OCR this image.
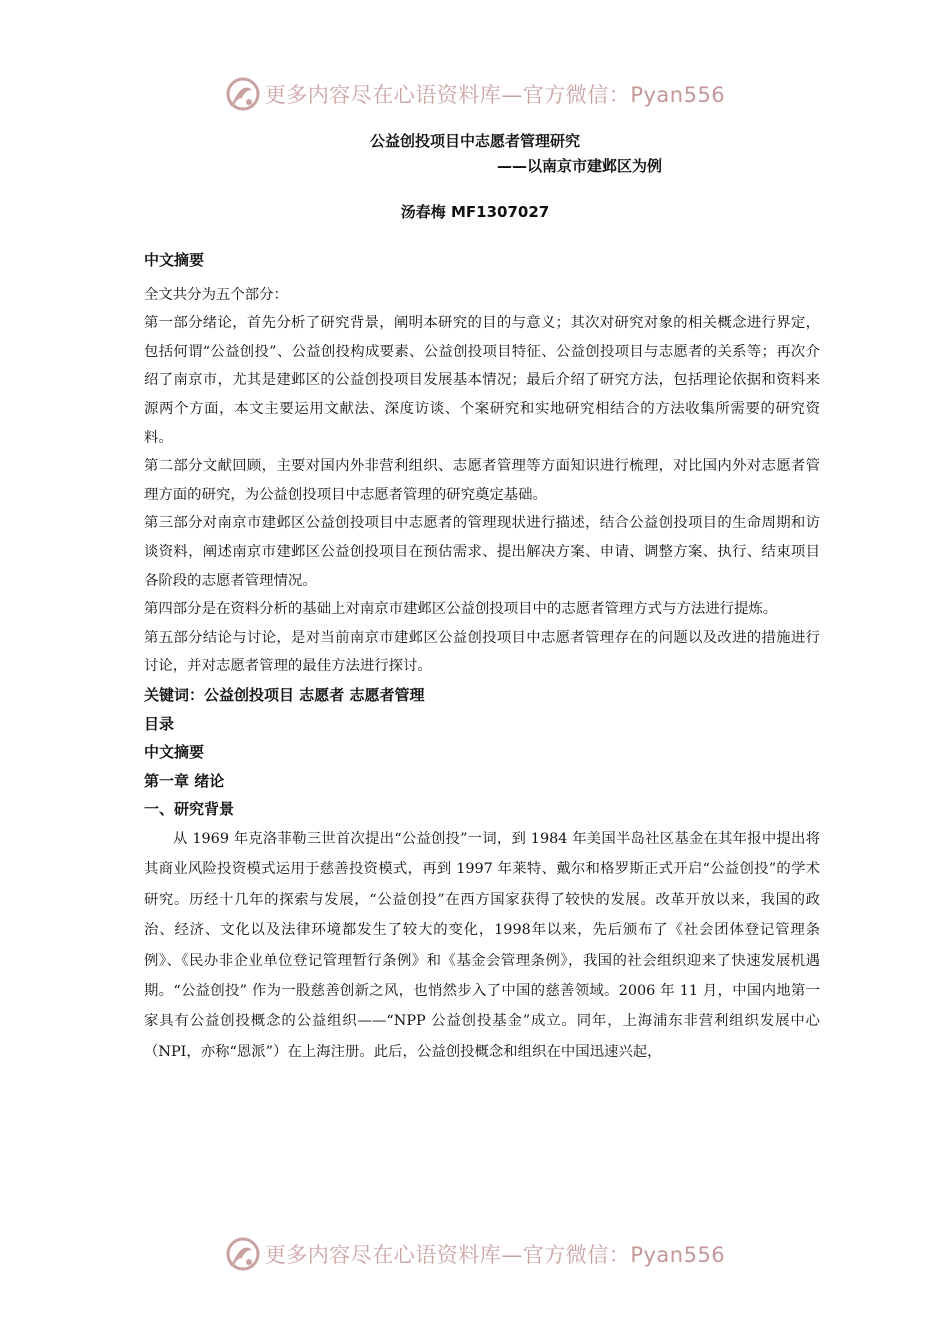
更多内容尽在心语资料库—官方微信：Pyan556
公益创投项目中志愿者管理研究
——以南京市建邺区为例
汤春梅 MF1307027

中文摘要

全文共分为五个部分：

第一部分绪论，首先分析了研究背景，阐明本研究的目的与意义；其次对研究对象的相关概念进行界定，包括何谓“公益创投”、公益创投构成要素、公益创投项目特征、公益创投项目与志愿者的关系等；再次介绍了南京市，尤其是建邺区的公益创投项目发展基本情况；最后介绍了研究方法，包括理论依据和资料来源两个方面，本文主要运用文献法、深度访谈、个案研究和实地研究相结合的方法收集所需要的研究资料。

第二部分文献回顾，主要对国内外非营利组织、志愿者管理等方面知识进行梳理，对比国内外对志愿者管理方面的研究，为公益创投项目中志愿者管理的研究奠定基础。

第三部分对南京市建邺区公益创投项目中志愿者的管理现状进行描述，结合公益创投项目的生命周期和访谈资料，阐述南京市建邺区公益创投项目在预估需求、提出解决方案、申请、调整方案、执行、结束项目各阶段的志愿者管理情况。

第四部分是在资料分析的基础上对南京市建邺区公益创投项目中的志愿者管理方式与方法进行提炼。

第五部分结论与讨论，是对当前南京市建邺区公益创投项目中志愿者管理存在的问题以及改进的措施进行讨论，并对志愿者管理的最佳方法进行探讨。

关键词：公益创投项目 志愿者 志愿者管理

目录

中文摘要

第一章 绪论

一、研究背景

从 1969 年克洛菲勒三世首次提出“公益创投”一词，到 1984 年美国半岛社区基金在其年报中提出将其商业风险投资模式运用于慈善投资模式，再到 1997 年莱特、戴尔和格罗斯正式开启“公益创投”的学术研究。历经十几年的探索与发展，“公益创投”在西方国家获得了较快的发展。改革开放以来，我国的政治、经济、文化以及法律环境都发生了较大的变化，1998年以来，先后颁布了《社会团体登记管理条例》、《民办非企业单位登记管理暂行条例》和《基金会管理条例》，我国的社会组织迎来了快速发展机遇期。“公益创投” 作为一股慈善创新之风，也悄然步入了中国的慈善领域。2006 年 11 月，中国内地第一家具有公益创投概念的公益组织——“NPP 公益创投基金”成立。同年，上海浦东非营利组织发展中心（NPI，亦称“恩派”）在上海注册。此后，公益创投概念和组织在中国迅速兴起，

更多内容尽在心语资料库—官方微信：Pyan556
